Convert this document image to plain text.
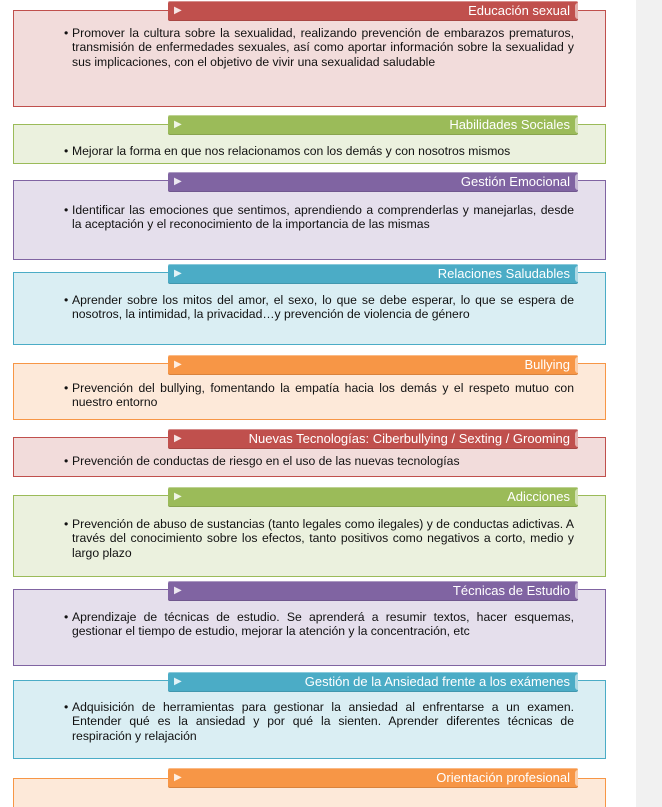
• Promover la cultura sobre la sexualidad, realizando prevención de embarazos prematuros, transmisión de enfermedades sexuales, así como aportar información sobre la sexualidad y sus implicaciones, con el objetivo de vivir una sexualidad saludable
▶	Educación sexual
• Mejorar la forma en que nos relacionamos con los demás y con nosotros mismos
▶	Habilidades Sociales
• Identificar las emociones que sentimos, aprendiendo a comprenderlas y manejarlas, desde la aceptación y el reconocimiento de la importancia de las mismas
▶	Gestión Emocional
• Aprender sobre los mitos del amor, el sexo, lo que se debe esperar, lo que se espera de nosotros, la intimidad, la privacidad…y prevención de violencia de género
▶	Relaciones Saludables
• Prevención del bullying, fomentando la empatía hacia los demás y el respeto mutuo con nuestro entorno
▶	Bullying
• Prevención de conductas de riesgo en el uso de las nuevas tecnologías
▶	Nuevas Tecnologías: Ciberbullying / Sexting / Grooming
• Prevención de abuso de sustancias (tanto legales como ilegales) y de conductas adictivas. A través del conocimiento sobre los efectos, tanto positivos como negativos a corto, medio y largo plazo
▶	Adicciones
• Aprendizaje de técnicas de estudio. Se aprenderá a resumir textos, hacer esquemas, gestionar el tiempo de estudio, mejorar la atención y la concentración, etc
▶	Técnicas de Estudio
• Adquisición de herramientas para gestionar la ansiedad al enfrentarse a un examen. Entender qué es la ansiedad y por qué la sienten. Aprender diferentes técnicas de respiración y relajación
▶	Gestión de la Ansiedad frente a los exámenes
▶	Orientación profesional
